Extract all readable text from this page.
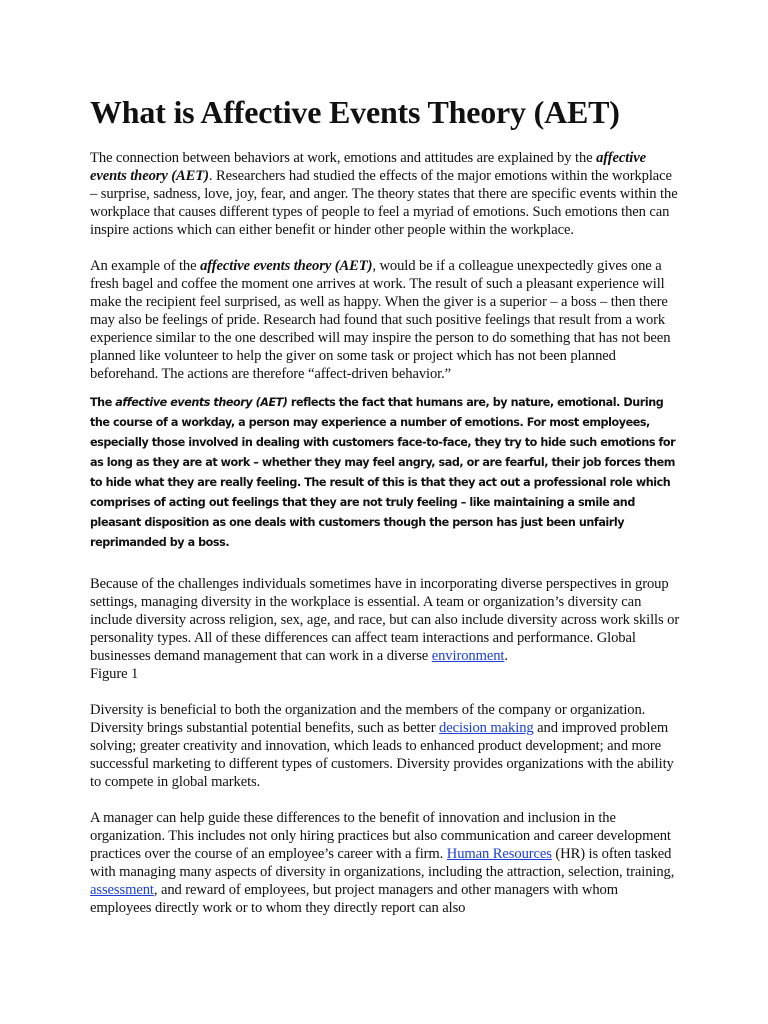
What is Affective Events Theory (AET)

The connection between behaviors at work, emotions and attitudes are explained by the affective events theory (AET). Researchers had studied the effects of the major emotions within the workplace – surprise, sadness, love, joy, fear, and anger. The theory states that there are specific events within the workplace that causes different types of people to feel a myriad of emotions. Such emotions then can inspire actions which can either benefit or hinder other people within the workplace.

An example of the affective events theory (AET), would be if a colleague unexpectedly gives one a fresh bagel and coffee the moment one arrives at work. The result of such a pleasant experience will make the recipient feel surprised, as well as happy. When the giver is a superior – a boss – then there may also be feelings of pride. Research had found that such positive feelings that result from a work experience similar to the one described will may inspire the person to do something that has not been planned like volunteer to help the giver on some task or project which has not been planned beforehand. The actions are therefore “affect-driven behavior.”

The affective events theory (AET) reflects the fact that humans are, by nature, emotional. During the course of a workday, a person may experience a number of emotions. For most employees, especially those involved in dealing with customers face-to-face, they try to hide such emotions for as long as they are at work – whether they may feel angry, sad, or are fearful, their job forces them to hide what they are really feeling. The result of this is that they act out a professional role which comprises of acting out feelings that they are not truly feeling – like maintaining a smile and pleasant disposition as one deals with customers though the person has just been unfairly reprimanded by a boss.

Because of the challenges individuals sometimes have in incorporating diverse perspectives in group settings, managing diversity in the workplace is essential. A team or organization’s diversity can include diversity across religion, sex, age, and race, but can also include diversity across work skills or personality types. All of these differences can affect team interactions and performance. Global businesses demand management that can work in a diverse environment.
Figure 1

Diversity is beneficial to both the organization and the members of the company or organization. Diversity brings substantial potential benefits, such as better decision making and improved problem solving; greater creativity and innovation, which leads to enhanced product development; and more successful marketing to different types of customers. Diversity provides organizations with the ability to compete in global markets.

A manager can help guide these differences to the benefit of innovation and inclusion in the organization. This includes not only hiring practices but also communication and career development practices over the course of an employee’s career with a firm. Human Resources (HR) is often tasked with managing many aspects of diversity in organizations, including the attraction, selection, training, assessment, and reward of employees, but project managers and other managers with whom employees directly work or to whom they directly report can also
